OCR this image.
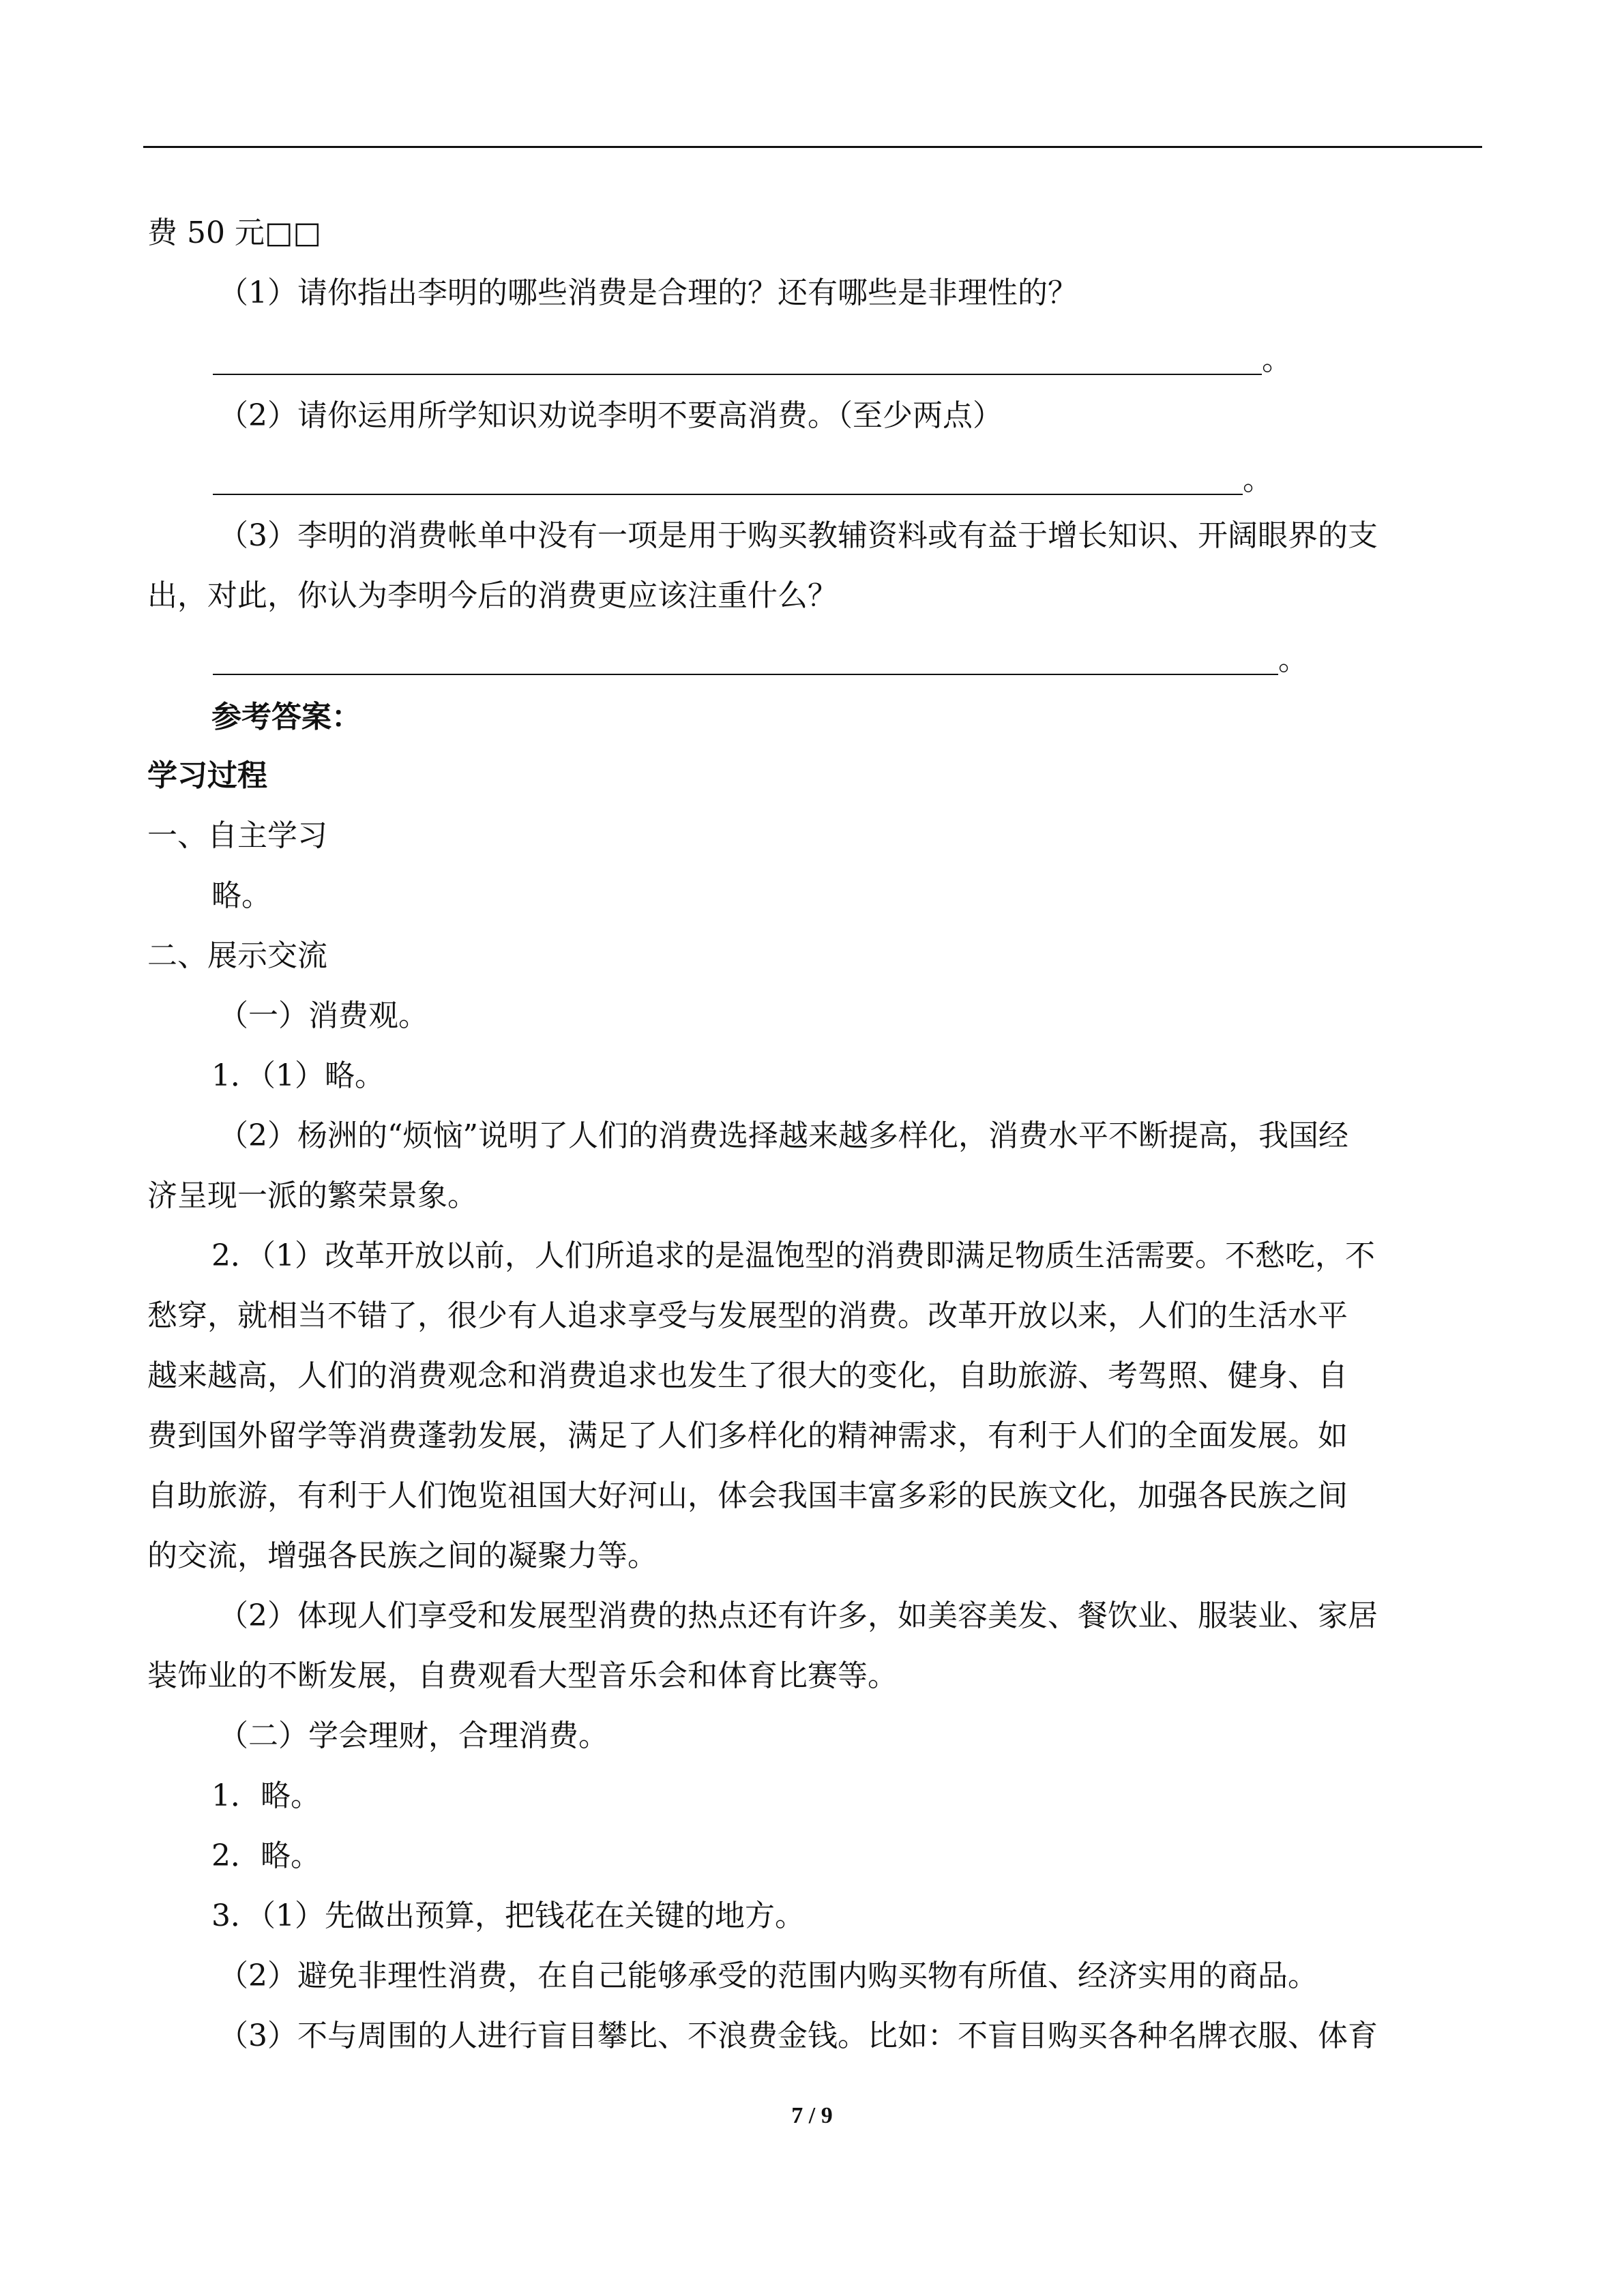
费 50 元□□
（1）请你指出李明的哪些消费是合理的？还有哪些是非理性的？
。
（2）请你运用所学知识劝说李明不要高消费。（至少两点）
。
（3）李明的消费帐单中没有一项是用于购买教辅资料或有益于增长知识、开阔眼界的支
出，对此，你认为李明今后的消费更应该注重什么？
。
参考答案：
学习过程
一、自主学习
略。
二、展示交流
（一）消费观。
1．（1）略。
（2）杨洲的“烦恼”说明了人们的消费选择越来越多样化，消费水平不断提高，我国经
济呈现一派的繁荣景象。
2．（1）改革开放以前，人们所追求的是温饱型的消费即满足物质生活需要。不愁吃，不
愁穿，就相当不错了，很少有人追求享受与发展型的消费。改革开放以来，人们的生活水平
越来越高，人们的消费观念和消费追求也发生了很大的变化，自助旅游、考驾照、健身、自
费到国外留学等消费蓬勃发展，满足了人们多样化的精神需求，有利于人们的全面发展。如
自助旅游，有利于人们饱览祖国大好河山，体会我国丰富多彩的民族文化，加强各民族之间
的交流，增强各民族之间的凝聚力等。
（2）体现人们享受和发展型消费的热点还有许多，如美容美发、餐饮业、服装业、家居
装饰业的不断发展，自费观看大型音乐会和体育比赛等。
（二）学会理财，合理消费。
1．略。
2．略。
3．（1）先做出预算，把钱花在关键的地方。
（2）避免非理性消费，在自己能够承受的范围内购买物有所值、经济实用的商品。
（3）不与周围的人进行盲目攀比、不浪费金钱。比如：不盲目购买各种名牌衣服、体育
7 / 9
